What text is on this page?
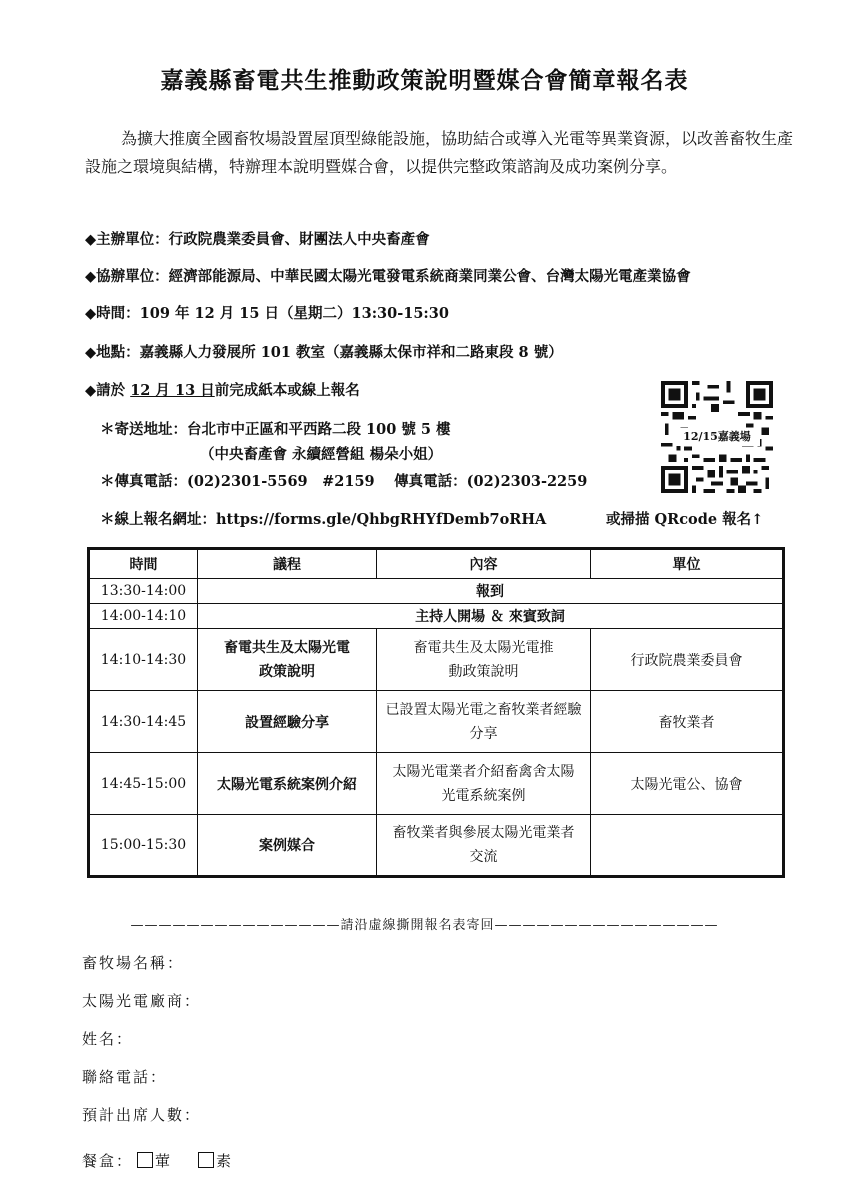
嘉義縣畜電共生推動政策說明暨媒合會簡章報名表
為擴大推廣全國畜牧場設置屋頂型綠能設施，協助結合或導入光電等異業資源，以改善畜牧生產設施之環境與結構，特辦理本說明暨媒合會，以提供完整政策諮詢及成功案例分享。
◆主辦單位：行政院農業委員會、財團法人中央畜產會
◆協辦單位：經濟部能源局、中華民國太陽光電發電系統商業同業公會、台灣太陽光電產業協會
◆時間：109 年 12 月 15 日（星期二）13:30-15:30
◆地點：嘉義縣人力發展所 101 教室（嘉義縣太保市祥和二路東段 8 號）
◆請於 12 月 13 日前完成紙本或線上報名
＊寄送地址：台北市中正區和平西路二段 100 號 5 樓
（中央畜產會 永續經營組 楊朵小姐）
＊傳真電話：(02)2301-5569　#2159　 傳真電話：(02)2303-2259
＊線上報名網址：https://forms.gle/QhbgRHYfDemb7oRHA
12/15嘉義場
或掃描 QRcode 報名↑
時間	議程	內容	單位
13:30-14:00	報到		
14:00-14:10	主持人開場 ＆ 來賓致詞		
14:10-14:30	畜電共生及太陽光電政策說明	畜電共生及太陽光電推動政策說明	行政院農業委員會
14:30-14:45	設置經驗分享	已設置太陽光電之畜牧業者經驗分享	畜牧業者
14:45-15:00	太陽光電系統案例介紹	太陽光電業者介紹畜禽舍太陽光電系統案例	太陽光電公、協會
15:00-15:30	案例媒合	畜牧業者與參展太陽光電業者交流	
———————————————請沿虛線撕開報名表寄回————————————————
畜牧場名稱：
太陽光電廠商：
姓名：
聯絡電話：
預計出席人數：
餐盒： 葷	素
